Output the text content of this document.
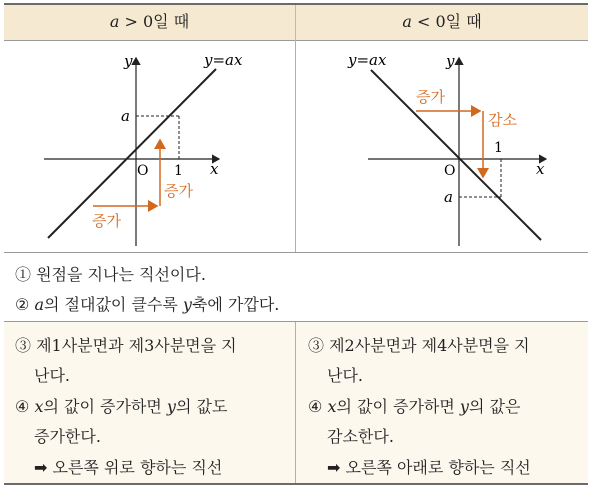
a > 0일 때	a < 0일 때
y
x
O
y=ax
a
1
증가
증가
y
x
O
y=ax
a
1
증가
감소
① 원점을 지나는 직선이다.
② a의 절대값이 클수록 y축에 가깝다.
③ 제1사분면과 제3사분면을 지
난다.
④ x의 값이 증가하면 y의 값도
증가한다.
➡ 오른쪽 위로 향하는 직선
③ 제2사분면과 제4사분면을 지
난다.
④ x의 값이 증가하면 y의 값은
감소한다.
➡ 오른쪽 아래로 향하는 직선
